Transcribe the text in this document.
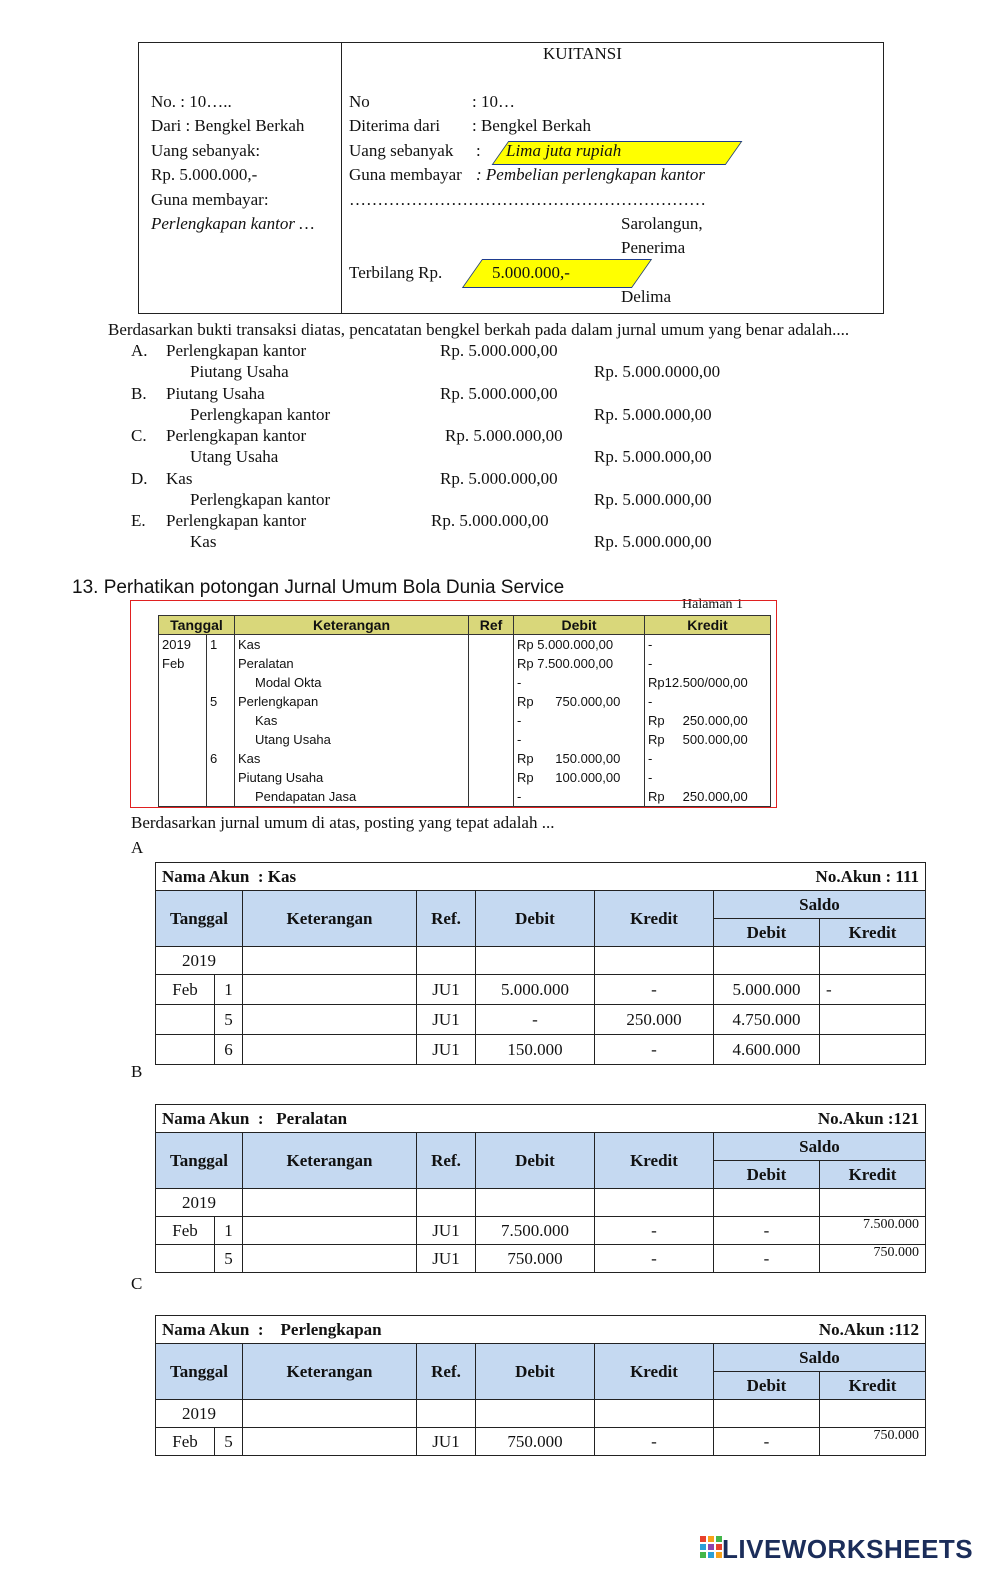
KUITANSI
No. : 10…..
Dari : Bengkel Berkah
Uang sebanyak:
Rp. 5.000.000,-
Guna membayar:
Perlengkapan kantor …
No	: 10…
Diterima dari : Bengkel Berkah
Uang sebanyak : Lima juta rupiah
Guna membayar : Pembelian perlengkapan kantor
………………………………………………………
Sarolangun,
Penerima
Terbilang Rp.	5.000.000,-
Delima
Berdasarkan bukti transaksi diatas, pencatatan bengkel berkah pada dalam jurnal umum yang benar adalah....
A. Perlengkapan kantor	Rp. 5.000.000,00
Piutang Usaha	Rp. 5.000.0000,00
B. Piutang Usaha	Rp. 5.000.000,00
Perlengkapan kantor	Rp. 5.000.000,00
C. Perlengkapan kantor	Rp. 5.000.000,00
Utang Usaha	Rp. 5.000.000,00
D. Kas	Rp. 5.000.000,00
Perlengkapan kantor	Rp. 5.000.000,00
E. Perlengkapan kantor	Rp. 5.000.000,00
Kas	Rp. 5.000.000,00
13. Perhatikan potongan Jurnal Umum Bola Dunia Service
Halaman 1
Tanggal		Keterangan	Ref	Debit	Kredit
2019	1	Kas		Rp 5.000.000,00	-
Feb		Peralatan		Rp 7.500.000,00	-
		Modal Okta		-	Rp12.500/000,00
	5	Perlengkapan		Rp      750.000,00	-
		Kas		-	Rp     250.000,00
		Utang Usaha		-	Rp     500.000,00
	6	Kas		Rp      150.000,00	-
		Piutang Usaha		Rp      100.000,00	-
		Pendapatan Jasa		-	Rp     250.000,00
Berdasarkan jurnal umum di atas, posting yang tepat adalah ...
A
Nama Akun  : Kas					No.Akun : 111		
Tanggal		Keterangan	Ref.	Debit	Kredit	Saldo	
						Debit	Kredit
2019							
Feb	1		JU1	5.000.000	-	5.000.000	-
	5		JU1	-	250.000	4.750.000	
	6		JU1	150.000	-	4.600.000	
B
Nama Akun  :   Peralatan					No.Akun :121		
Tanggal		Keterangan	Ref.	Debit	Kredit	Saldo	
						Debit	Kredit
2019							
Feb	1		JU1	7.500.000	-	-	7.500.000
	5		JU1	750.000	-	-	750.000
C
Nama Akun  :    Perlengkapan					No.Akun :112		
Tanggal		Keterangan	Ref.	Debit	Kredit	Saldo	
						Debit	Kredit
2019							
Feb	5		JU1	750.000	-	-	750.000
LIVEWORKSHEETS
